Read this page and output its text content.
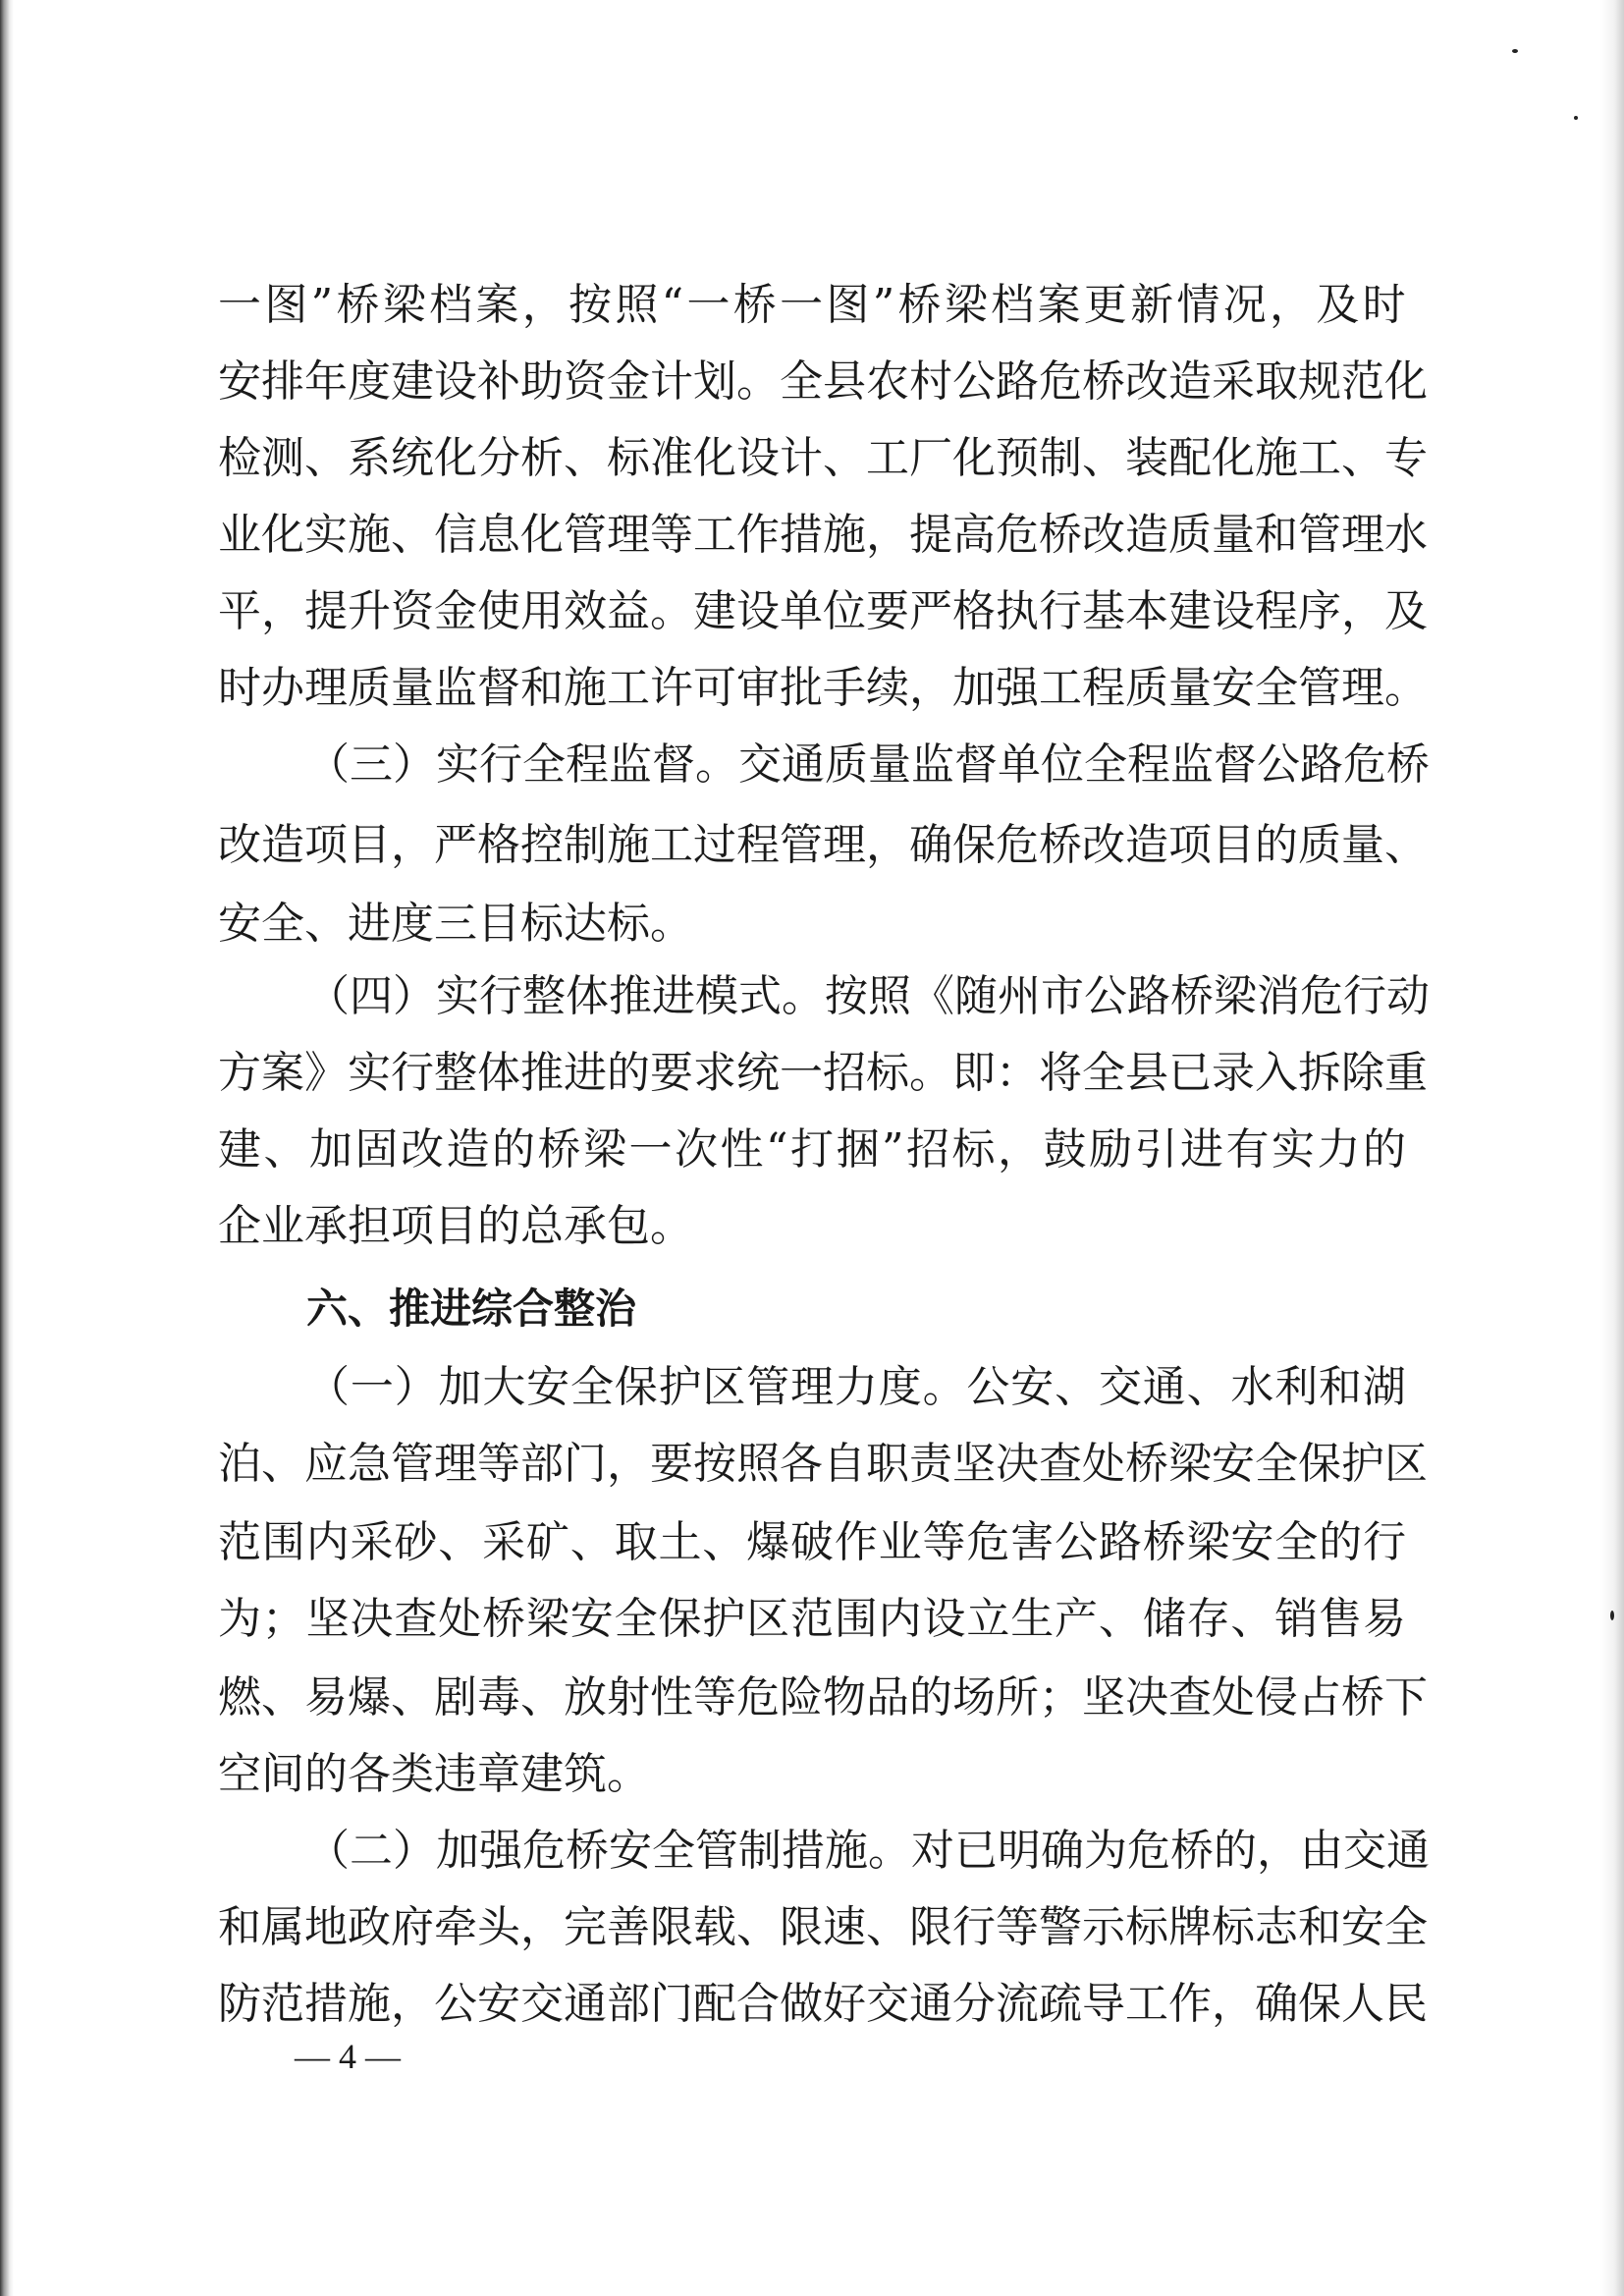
一 图 ” 桥 梁 档 案 ， 按 照 “ 一 桥 一 图 ” 桥 梁 档 案 更 新 情 况 ， 及 时
安 排 年 度 建 设 补 助 资 金 计 划 。 全 县 农 村 公 路 危 桥 改 造 采 取 规 范 化
检 测 、 系 统 化 分 析 、 标 准 化 设 计 、 工 厂 化 预 制 、 装 配 化 施 工 、 专
业 化 实 施 、 信 息 化 管 理 等 工 作 措 施 ， 提 高 危 桥 改 造 质 量 和 管 理 水
平 ， 提 升 资 金 使 用 效 益 。 建 设 单 位 要 严 格 执 行 基 本 建 设 程 序 ， 及
时 办 理 质 量 监 督 和 施 工 许 可 审 批 手 续 ， 加 强 工 程 质 量 安 全 管 理 。
（ 三 ） 实 行 全 程 监 督 。 交 通 质 量 监 督 单 位 全 程 监 督 公 路 危 桥
改 造 项 目 ， 严 格 控 制 施 工 过 程 管 理 ， 确 保 危 桥 改 造 项 目 的 质 量 、
安全、进度三目标达标。
（ 四 ） 实 行 整 体 推 进 模 式 。 按 照 《 随 州 市 公 路 桥 梁 消 危 行 动
方 案 》 实 行 整 体 推 进 的 要 求 统 一 招 标 。 即 ： 将 全 县 已 录 入 拆 除 重
建 、 加 固 改 造 的 桥 梁 一 次 性 “ 打 捆 ” 招 标 ， 鼓 励 引 进 有 实 力 的
企业承担项目的总承包。
六、推进综合整治
（ 一 ） 加 大 安 全 保 护 区 管 理 力 度 。 公 安 、 交 通 、 水 利 和 湖
泊 、 应 急 管 理 等 部 门 ， 要 按 照 各 自 职 责 坚 决 查 处 桥 梁 安 全 保 护 区
范 围 内 采 砂 、 采 矿 、 取 土 、 爆 破 作 业 等 危 害 公 路 桥 梁 安 全 的 行
为 ； 坚 决 查 处 桥 梁 安 全 保 护 区 范 围 内 设 立 生 产 、 储 存 、 销 售 易
燃 、 易 爆 、 剧 毒 、 放 射 性 等 危 险 物 品 的 场 所 ； 坚 决 查 处 侵 占 桥 下
空间的各类违章建筑。
（ 二 ） 加 强 危 桥 安 全 管 制 措 施 。 对 已 明 确 为 危 桥 的 ， 由 交 通
和 属 地 政 府 牵 头 ， 完 善 限 载 、 限 速 、 限 行 等 警 示 标 牌 标 志 和 安 全
防 范 措 施 ， 公 安 交 通 部 门 配 合 做 好 交 通 分 流 疏 导 工 作 ， 确 保 人 民
— 4 —
